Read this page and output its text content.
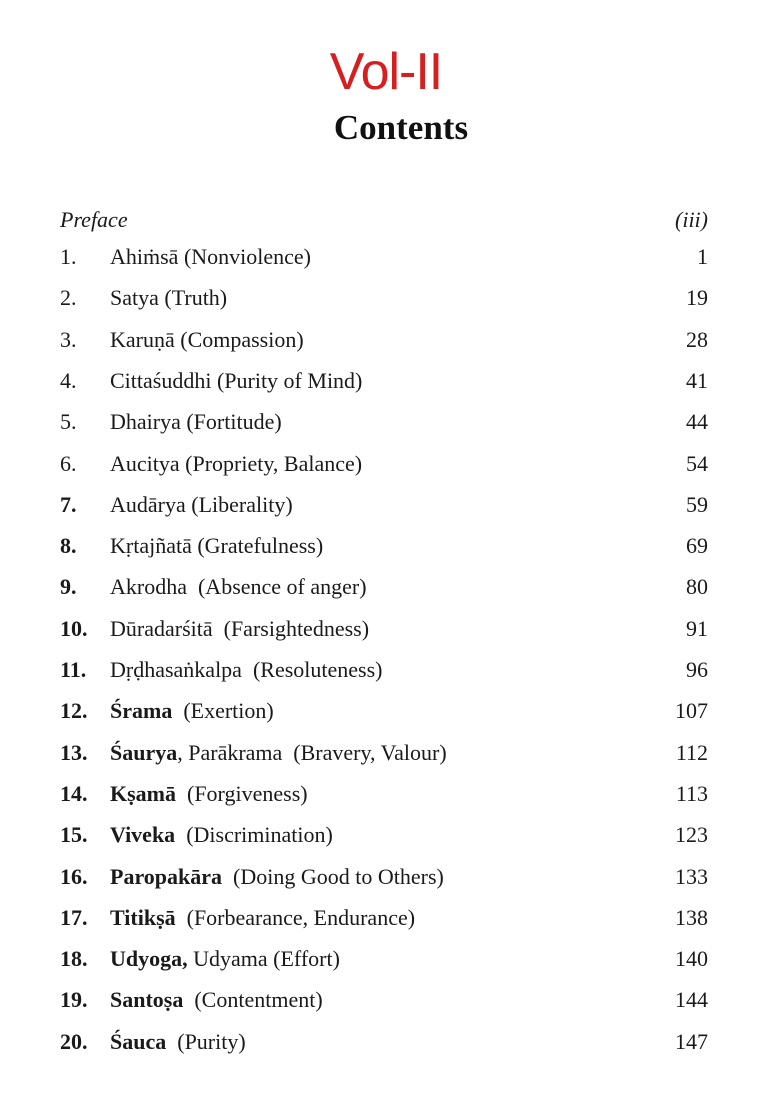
Vol-II
Contents
Preface	(iii)
1.	Ahiṁsā (Nonviolence)	1
2.	Satya (Truth)	19
3.	Karuṇā (Compassion)	28
4.	Cittaśuddhi (Purity of Mind)	41
5.	Dhairya (Fortitude)	44
6.	Aucitya (Propriety, Balance)	54
7.	Audārya (Liberality)	59
8.	Kṛtajñatā (Gratefulness)	69
9.	Akrodha  (Absence of anger)	80
10.	Dūradarśitā  (Farsightedness)	91
11.	Dṛḍhasaṅkalpa  (Resoluteness)	96
12.	Śrama  (Exertion)	107
13.	Śaurya, Parākrama  (Bravery, Valour)	112
14.	Kṣamā  (Forgiveness)	113
15.	Viveka  (Discrimination)	123
16.	Paropakāra  (Doing Good to Others)	133
17.	Titikṣā  (Forbearance, Endurance)	138
18.	Udyoga, Udyama (Effort)	140
19.	Santoṣa  (Contentment)	144
20.	Śauca  (Purity)	147
